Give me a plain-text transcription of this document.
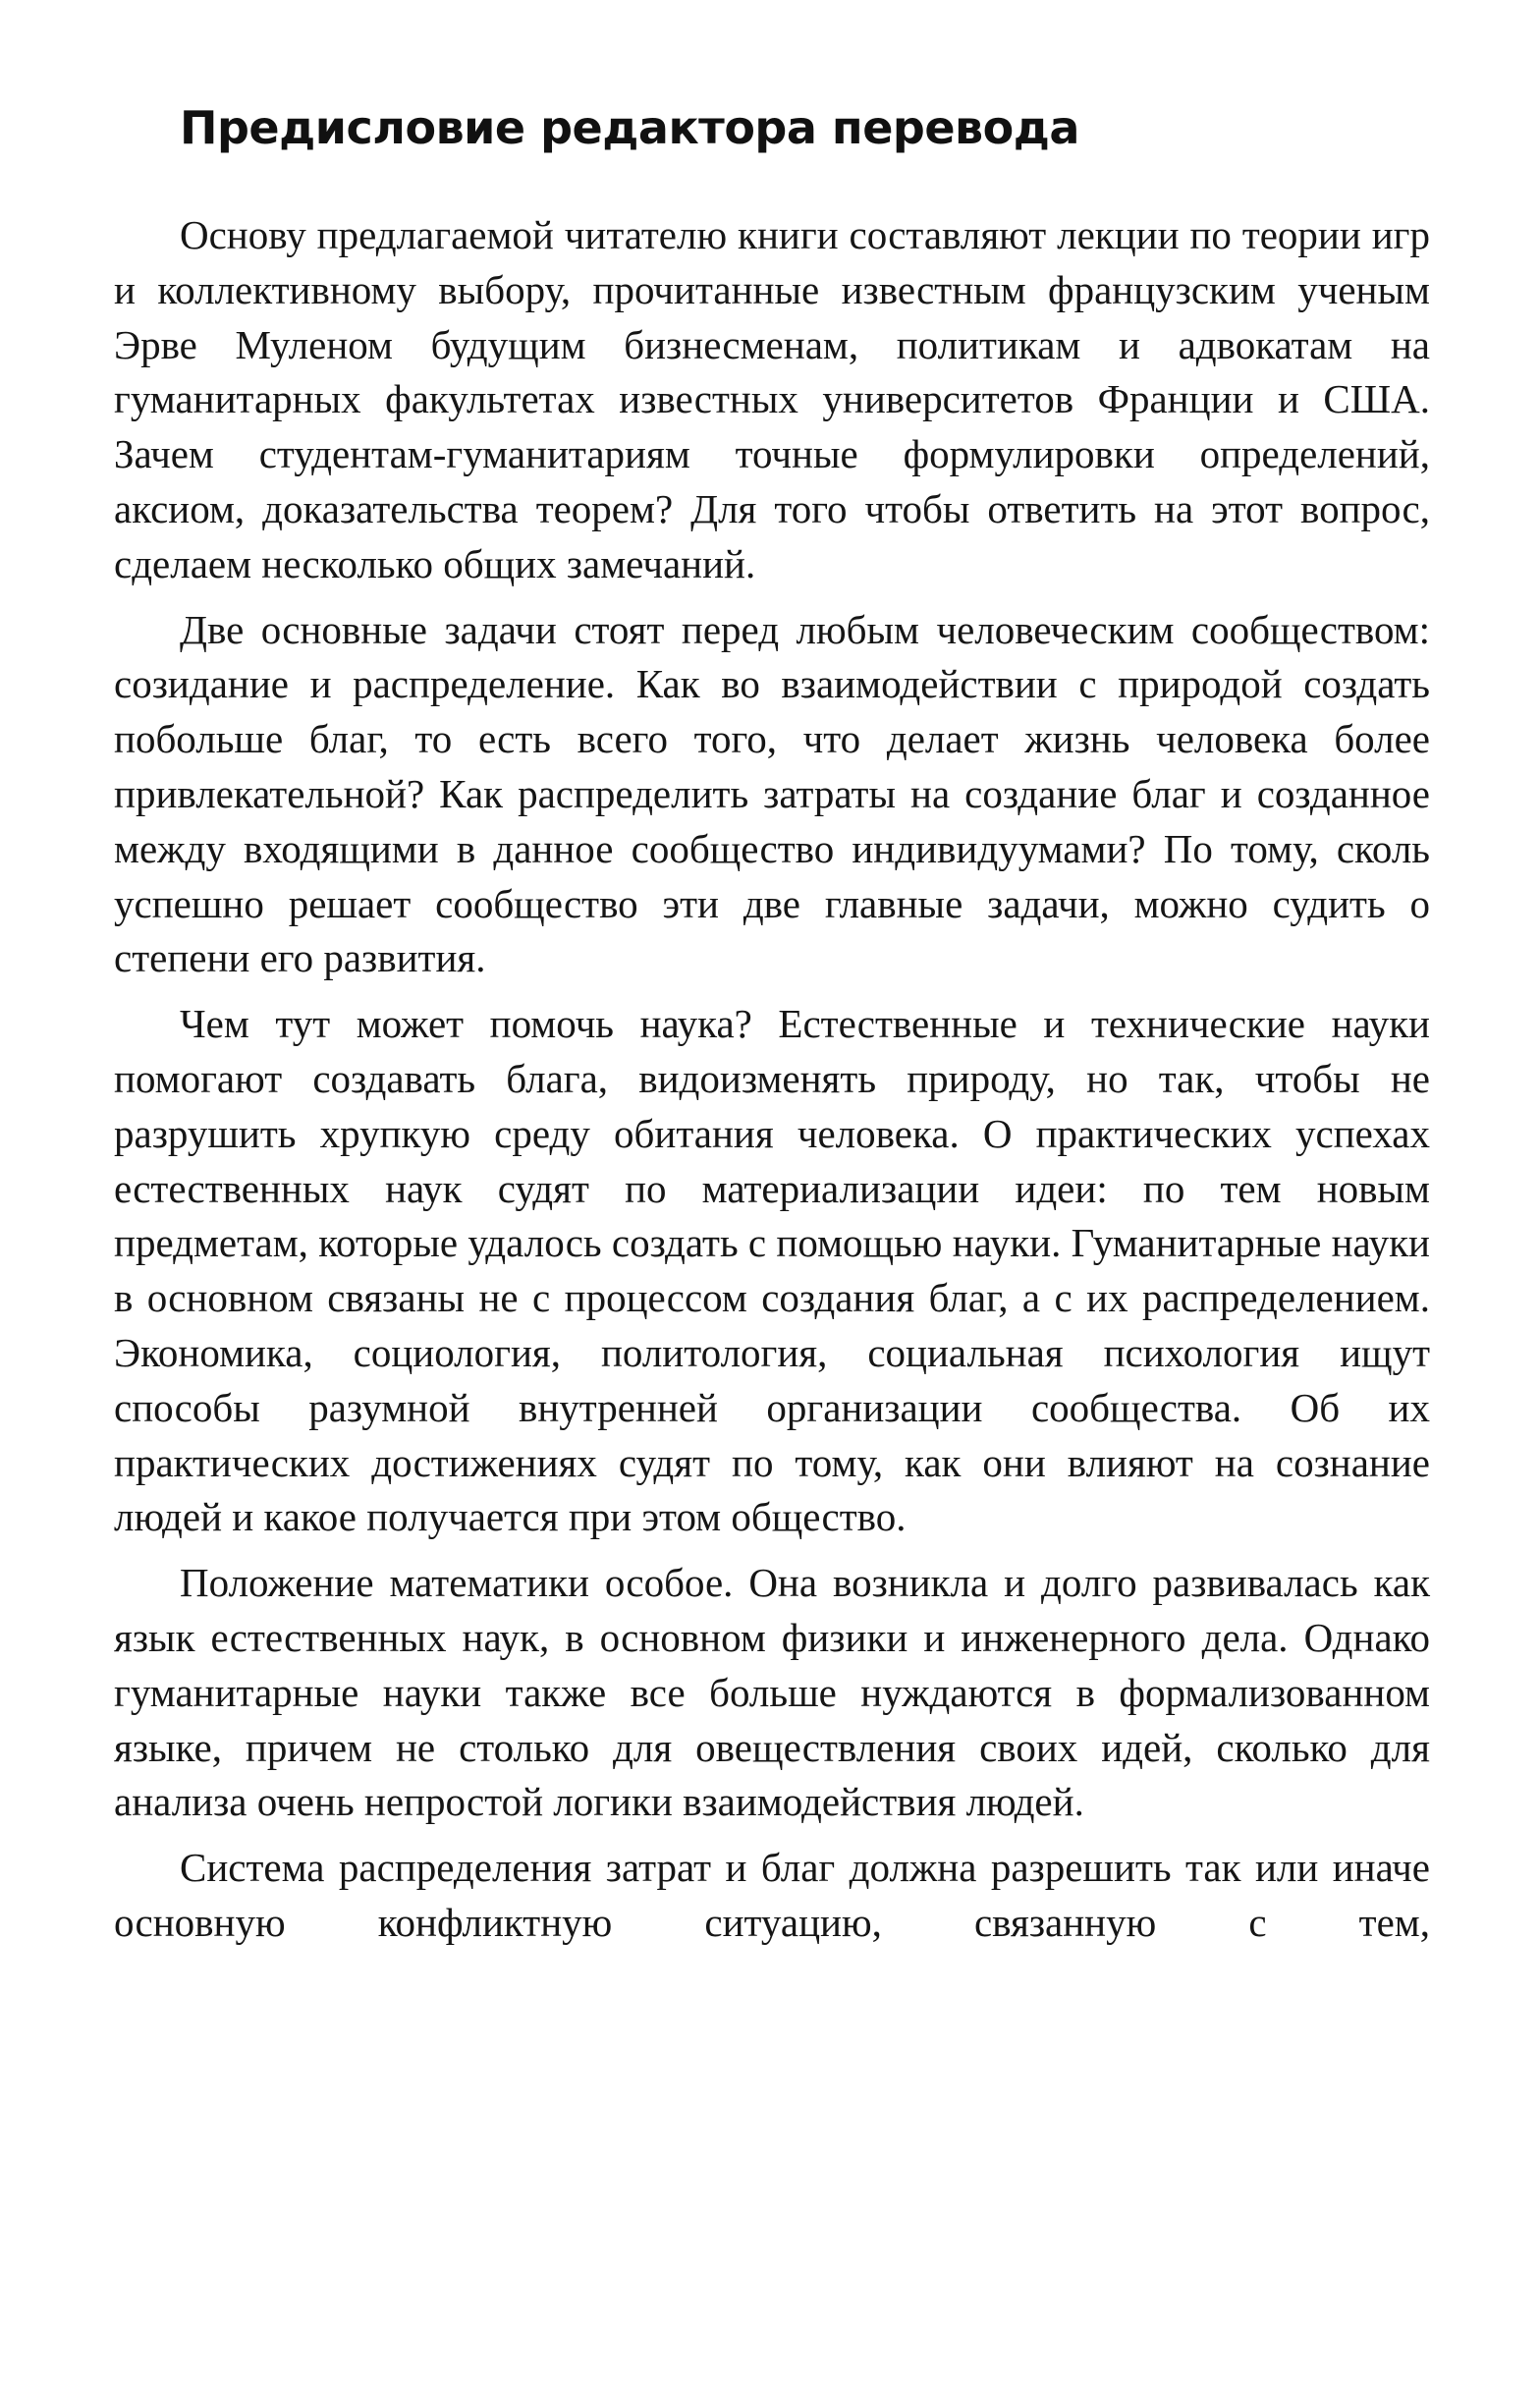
Предисловие редактора перевода

Основу предлагаемой читателю книги составляют лекции по теории игр и коллективному выбору, прочитанные известным французским ученым Эрве Муленом будущим бизнесменам, политикам и адвокатам на гуманитарных факультетах известных университетов Франции и США. Зачем студентам-гуманитариям точные формулировки определений, аксиом, доказательства теорем? Для того чтобы ответить на этот вопрос, сделаем несколько общих замечаний.

Две основные задачи стоят перед любым человеческим сообществом: созидание и распределение. Как во взаимодействии с природой создать побольше благ, то есть всего того, что делает жизнь человека более привлекательной? Как распределить затраты на создание благ и созданное между входящими в данное сообщество индивидуумами? По тому, сколь успешно решает сообщество эти две главные задачи, можно судить о степени его развития.

Чем тут может помочь наука? Естественные и технические науки помогают создавать блага, видоизменять природу, но так, чтобы не разрушить хрупкую среду обитания человека. О практических успехах естественных наук судят по материализации идеи: по тем новым предметам, которые удалось создать с помощью науки. Гуманитарные науки в основном связаны не с процессом создания благ, а с их распределением. Экономика, социология, политология, социальная психология ищут способы разумной внутренней организации сообщества. Об их практических достижениях судят по тому, как они влияют на сознание людей и какое получается при этом общество.

Положение математики особое. Она возникла и долго развивалась как язык естественных наук, в основном физики и инженерного дела. Однако гуманитарные науки также все больше нуждаются в формализованном языке, причем не столько для овеществления своих идей, сколько для анализа очень непростой логики взаимодействия людей.

Система распределения затрат и благ должна разрешить так или иначе основную конфликтную ситуацию, связанную с тем,
